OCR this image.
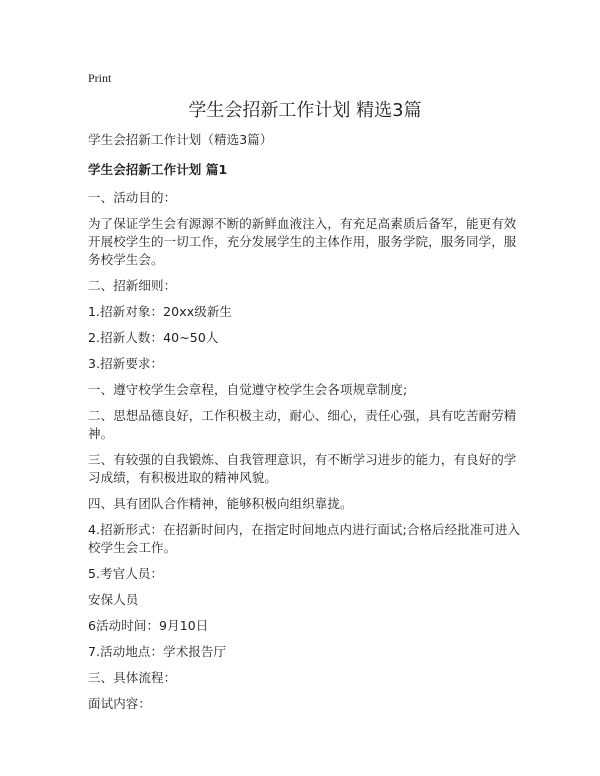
Print
学生会招新工作计划 精选3篇

学生会招新工作计划（精选3篇）

学生会招新工作计划 篇1

一、活动目的：

为了保证学生会有源源不断的新鲜血液注入，有充足高素质后备军，能更有效开展校学生的一切工作，充分发展学生的主体作用，服务学院，服务同学，服务校学生会。

二、招新细则：

1.招新对象：20xx级新生

2.招新人数：40~50人

3.招新要求：

一、遵守校学生会章程，自觉遵守校学生会各项规章制度;

二、思想品德良好，工作积极主动，耐心、细心，责任心强，具有吃苦耐劳精神。

三、有较强的自我锻炼、自我管理意识，有不断学习进步的能力，有良好的学习成绩，有积极进取的精神风貌。

四、具有团队合作精神，能够积极向组织靠拢。

4.招新形式：在招新时间内，在指定时间地点内进行面试;合格后经批准可进入校学生会工作。

5.考官人员：

安保人员

6活动时间：9月10日

7.活动地点：学术报告厅

三、具体流程：

面试内容：
